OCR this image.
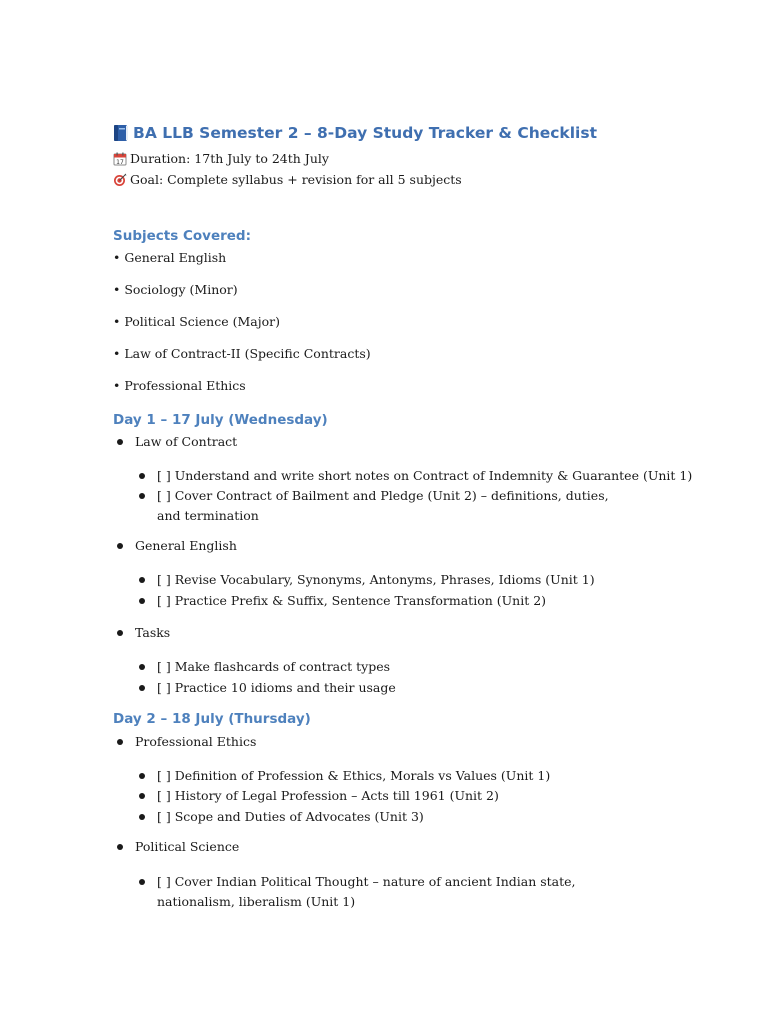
BA LLB Semester 2 – 8-Day Study Tracker & Checklist
17 Duration: 17th July to 24th July
Goal: Complete syllabus + revision for all 5 subjects
Subjects Covered:
• General English
• Sociology (Minor)
• Political Science (Major)
• Law of Contract-II (Specific Contracts)
• Professional Ethics
Day 1 – 17 July (Wednesday)
Law of Contract
[ ] Understand and write short notes on Contract of Indemnity & Guarantee (Unit 1)
[ ] Cover Contract of Bailment and Pledge (Unit 2) – definitions, duties, and termination
General English
[ ] Revise Vocabulary, Synonyms, Antonyms, Phrases, Idioms (Unit 1)
[ ] Practice Prefix & Suffix, Sentence Transformation (Unit 2)
Tasks
[ ] Make flashcards of contract types
[ ] Practice 10 idioms and their usage
Day 2 – 18 July (Thursday)
Professional Ethics
[ ] Definition of Profession & Ethics, Morals vs Values (Unit 1)
[ ] History of Legal Profession – Acts till 1961 (Unit 2)
[ ] Scope and Duties of Advocates (Unit 3)
Political Science
[ ] Cover Indian Political Thought – nature of ancient Indian state, nationalism, liberalism (Unit 1)
